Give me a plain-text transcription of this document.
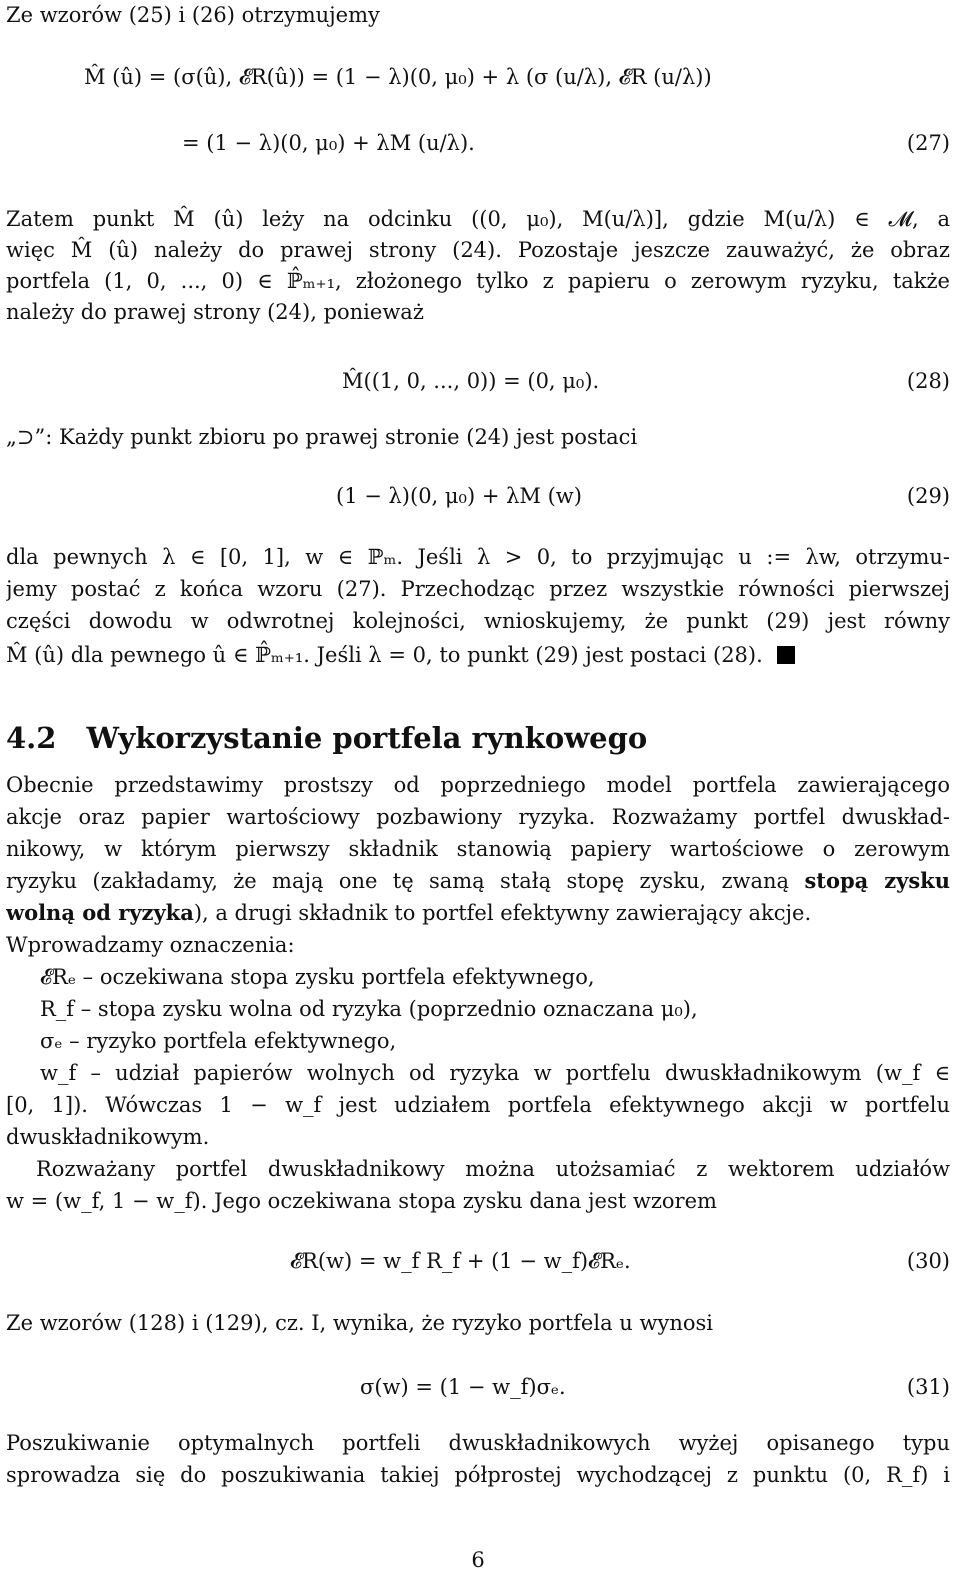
Ze wzorów (25) i (26) otrzymujemy
M̂ (û) = (σ(û), 𝓔R(û)) = (1 − λ)(0, μ₀) + λ (σ (u/λ), 𝓔R (u/λ))
= (1 − λ)(0, μ₀) + λM (u/λ).	(27)
Zatem punkt M̂ (û) leży na odcinku ((0, μ₀), M(u/λ)], gdzie M(u/λ) ∈ 𝓜, a
więc M̂ (û) należy do prawej strony (24). Pozostaje jeszcze zauważyć, że obraz
portfela (1, 0, ..., 0) ∈ ℙ̂ₘ₊₁, złożonego tylko z papieru o zerowym ryzyku, także
należy do prawej strony (24), ponieważ
M̂((1, 0, ..., 0)) = (0, μ₀).	(28)
„⊃”: Każdy punkt zbioru po prawej stronie (24) jest postaci
(1 − λ)(0, μ₀) + λM (w)	(29)
dla pewnych λ ∈ [0, 1], w ∈ ℙₘ. Jeśli λ > 0, to przyjmując u := λw, otrzymu-
jemy postać z końca wzoru (27). Przechodząc przez wszystkie równości pierwszej
części dowodu w odwrotnej kolejności, wnioskujemy, że punkt (29) jest równy
M̂ (û) dla pewnego û ∈ ℙ̂ₘ₊₁. Jeśli λ = 0, to punkt (29) jest postaci (28).
4.2 Wykorzystanie portfela rynkowego
Obecnie przedstawimy prostszy od poprzedniego model portfela zawierającego
akcje oraz papier wartościowy pozbawiony ryzyka. Rozważamy portfel dwuskład-
nikowy, w którym pierwszy składnik stanowią papiery wartościowe o zerowym
ryzyku (zakładamy, że mają one tę samą stałą stopę zysku, zwaną stopą zysku
wolną od ryzyka), a drugi składnik to portfel efektywny zawierający akcje.
Wprowadzamy oznaczenia:
𝓔Rₑ – oczekiwana stopa zysku portfela efektywnego,
R_f – stopa zysku wolna od ryzyka (poprzednio oznaczana μ₀),
σₑ – ryzyko portfela efektywnego,
w_f – udział papierów wolnych od ryzyka w portfelu dwuskładnikowym (w_f ∈
[0, 1]). Wówczas 1 − w_f jest udziałem portfela efektywnego akcji w portfelu
dwuskładnikowym.
Rozważany portfel dwuskładnikowy można utożsamiać z wektorem udziałów
w = (w_f, 1 − w_f). Jego oczekiwana stopa zysku dana jest wzorem
𝓔R(w) = w_f R_f + (1 − w_f)𝓔Rₑ.	(30)
Ze wzorów (128) i (129), cz. I, wynika, że ryzyko portfela u wynosi
σ(w) = (1 − w_f)σₑ.	(31)
Poszukiwanie optymalnych portfeli dwuskładnikowych wyżej opisanego typu
sprowadza się do poszukiwania takiej półprostej wychodzącej z punktu (0, R_f) i
6
